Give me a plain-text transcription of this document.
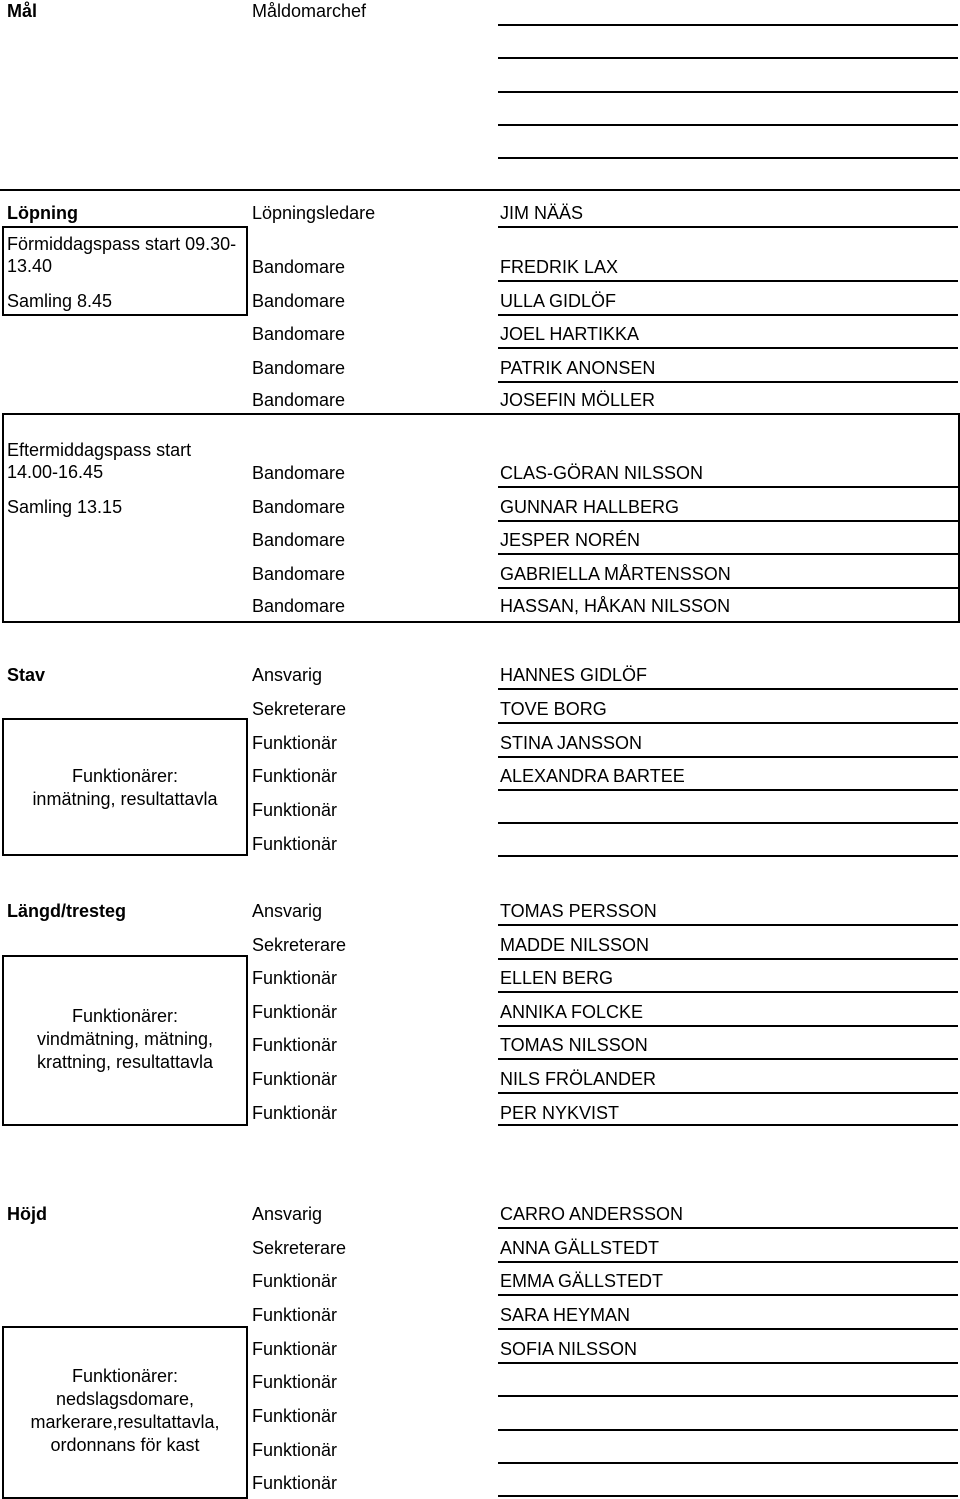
Mål	Måldomarchef
Löpning	Löpningsledare	JIM NÄÄS
Förmiddagspass start 09.30-
13.40
Samling 8.45
Bandomare	FREDRIK LAX
Bandomare	ULLA GIDLÖF
Bandomare	JOEL HARTIKKA
Bandomare	PATRIK ANONSEN
Bandomare	JOSEFIN MÖLLER
Eftermiddagspass start
14.00-16.45
Samling 13.15
Bandomare	CLAS-GÖRAN NILSSON
Bandomare	GUNNAR HALLBERG
Bandomare	JESPER NORÉN
Bandomare	GABRIELLA MÅRTENSSON
Bandomare	HASSAN, HÅKAN NILSSON
Stav
Funktionärer:
inmätning, resultattavla
Ansvarig	HANNES GIDLÖF
Sekreterare	TOVE BORG
Funktionär	STINA JANSSON
Funktionär	ALEXANDRA BARTEE
Funktionär
Funktionär
Längd/tresteg
Funktionärer:
vindmätning, mätning,
krattning, resultattavla
Ansvarig	TOMAS PERSSON
Sekreterare	MADDE NILSSON
Funktionär	ELLEN BERG
Funktionär	ANNIKA FOLCKE
Funktionär	TOMAS NILSSON
Funktionär	NILS FRÖLANDER
Funktionär	PER NYKVIST
Höjd
Funktionärer:
nedslagsdomare,
markerare,resultattavla,
ordonnans för kast
Ansvarig	CARRO ANDERSSON
Sekreterare	ANNA GÄLLSTEDT
Funktionär	EMMA GÄLLSTEDT
Funktionär	SARA HEYMAN
Funktionär	SOFIA NILSSON
Funktionär
Funktionär
Funktionär
Funktionär
